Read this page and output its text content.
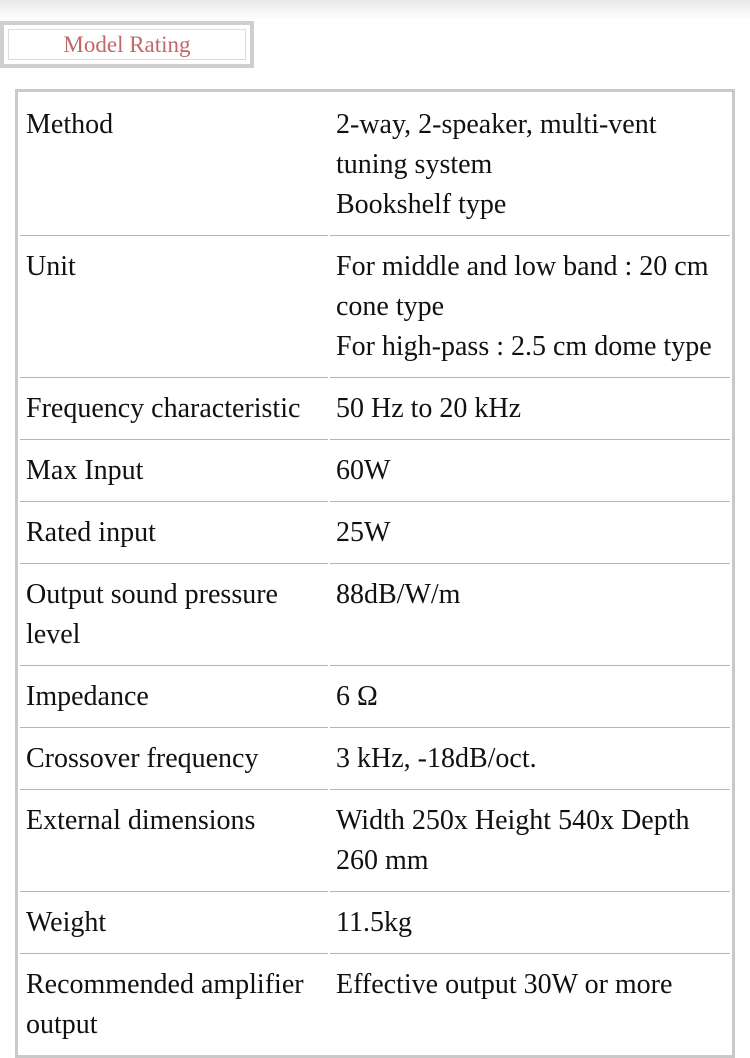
Model Rating
Method	2-way, 2-speaker, multi-vent tuning system
Bookshelf type

Unit	For middle and low band : 20 cm cone type
For high-pass : 2.5 cm dome type

Frequency characteristic	50 Hz to 20 kHz

Max Input	60W

Rated input	25W

Output sound pressure level	88dB/W/m

Impedance	6 Ω

Crossover frequency	3 kHz, -18dB/oct.

External dimensions	Width 250x Height 540x Depth 260 mm

Weight	11.5kg

Recommended amplifier output	Effective output 30W or more
